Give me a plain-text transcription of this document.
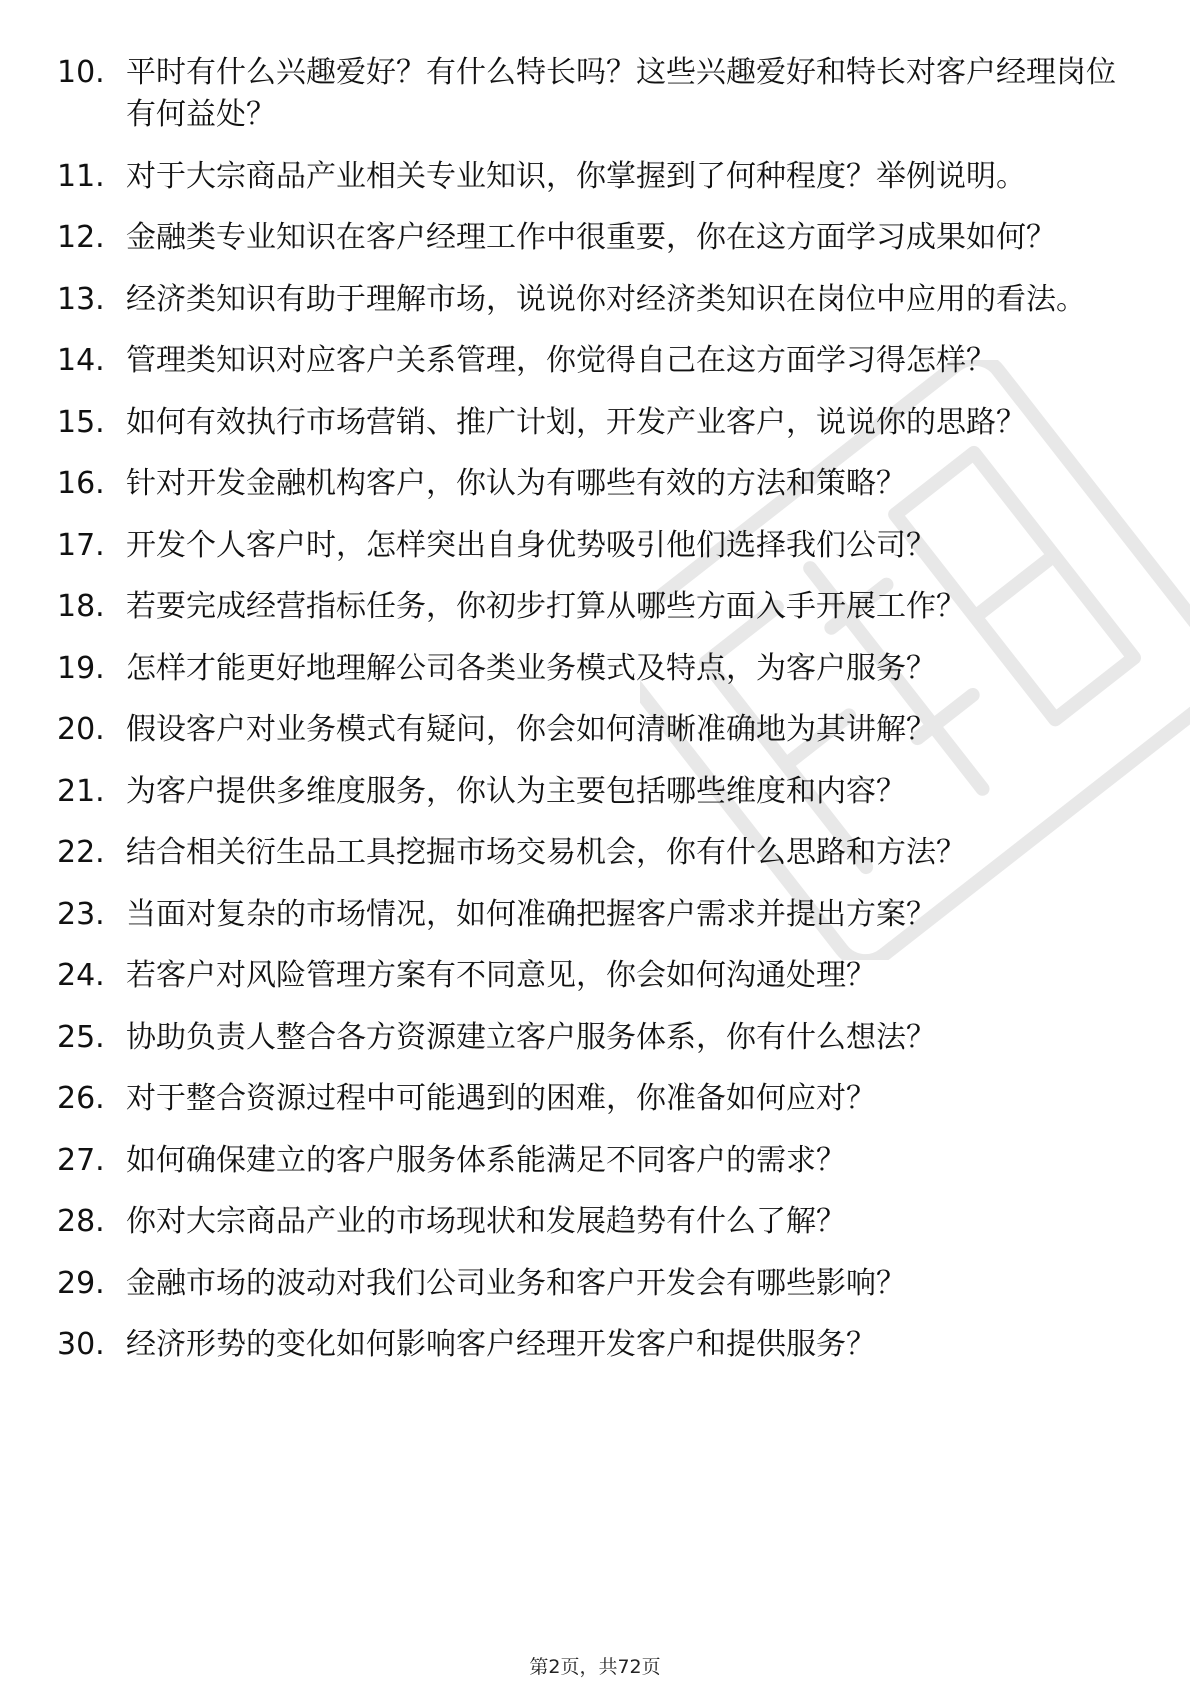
10. 平时有什么兴趣爱好？有什么特长吗？这些兴趣爱好和特长对客户经理岗位有何益处？
11. 对于大宗商品产业相关专业知识，你掌握到了何种程度？举例说明。
12. 金融类专业知识在客户经理工作中很重要，你在这方面学习成果如何？
13. 经济类知识有助于理解市场，说说你对经济类知识在岗位中应用的看法。
14. 管理类知识对应客户关系管理，你觉得自己在这方面学习得怎样？
15. 如何有效执行市场营销、推广计划，开发产业客户，说说你的思路？
16. 针对开发金融机构客户，你认为有哪些有效的方法和策略？
17. 开发个人客户时，怎样突出自身优势吸引他们选择我们公司？
18. 若要完成经营指标任务，你初步打算从哪些方面入手开展工作？
19. 怎样才能更好地理解公司各类业务模式及特点，为客户服务？
20. 假设客户对业务模式有疑问，你会如何清晰准确地为其讲解？
21. 为客户提供多维度服务，你认为主要包括哪些维度和内容？
22. 结合相关衍生品工具挖掘市场交易机会，你有什么思路和方法？
23. 当面对复杂的市场情况，如何准确把握客户需求并提出方案？
24. 若客户对风险管理方案有不同意见，你会如何沟通处理？
25. 协助负责人整合各方资源建立客户服务体系，你有什么想法？
26. 对于整合资源过程中可能遇到的困难，你准备如何应对？
27. 如何确保建立的客户服务体系能满足不同客户的需求？
28. 你对大宗商品产业的市场现状和发展趋势有什么了解？
29. 金融市场的波动对我们公司业务和客户开发会有哪些影响？
30. 经济形势的变化如何影响客户经理开发客户和提供服务？
第2页，共72页
